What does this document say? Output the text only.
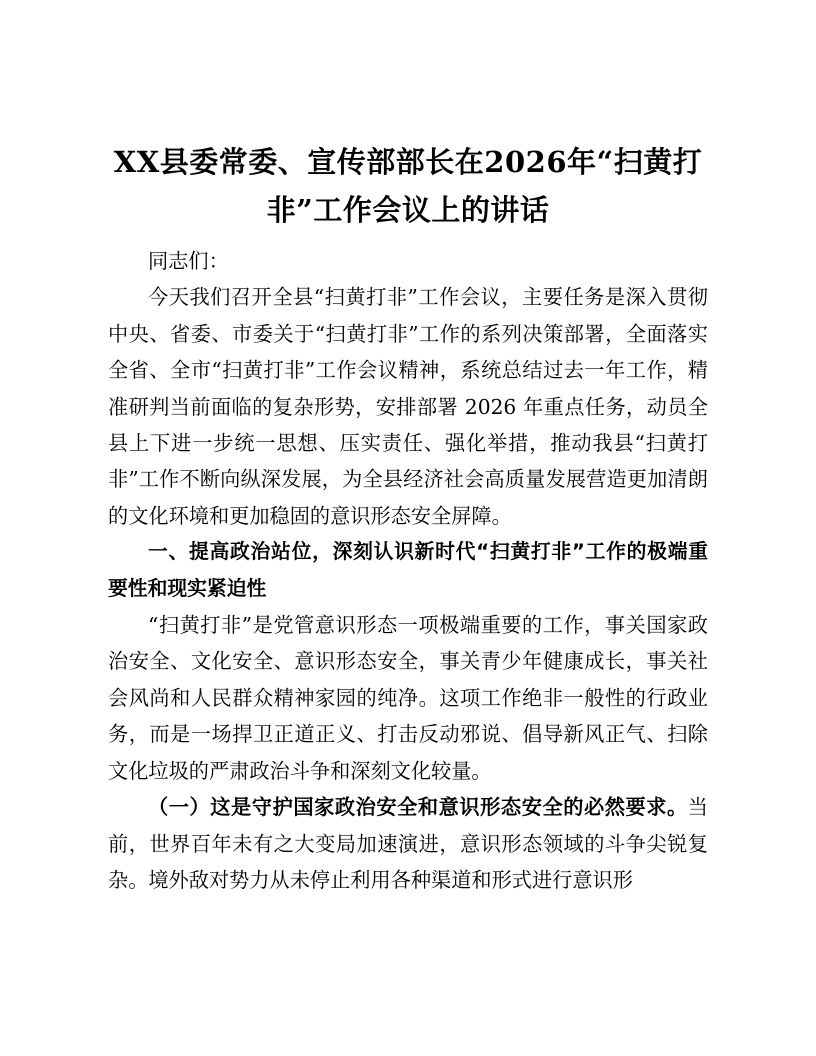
XX县委常委、宣传部部长在2026年“扫黄打
非”工作会议上的讲话

同志们：

今天我们召开全县“扫黄打非”工作会议，主要任务是深入贯彻中央、省委、市委关于“扫黄打非”工作的系列决策部署，全面落实全省、全市“扫黄打非”工作会议精神，系统总结过去一年工作，精准研判当前面临的复杂形势，安排部署 2026 年重点任务，动员全县上下进一步统一思想、压实责任、强化举措，推动我县“扫黄打非”工作不断向纵深发展，为全县经济社会高质量发展营造更加清朗的文化环境和更加稳固的意识形态安全屏障。

一、提高政治站位，深刻认识新时代“扫黄打非”工作的极端重要性和现实紧迫性

“扫黄打非”是党管意识形态一项极端重要的工作，事关国家政治安全、文化安全、意识形态安全，事关青少年健康成长，事关社会风尚和人民群众精神家园的纯净。这项工作绝非一般性的行政业务，而是一场捍卫正道正义、打击反动邪说、倡导新风正气、扫除文化垃圾的严肃政治斗争和深刻文化较量。

（一）这是守护国家政治安全和意识形态安全的必然要求。当前，世界百年未有之大变局加速演进，意识形态领域的斗争尖锐复杂。境外敌对势力从未停止利用各种渠道和形式进行意识形
